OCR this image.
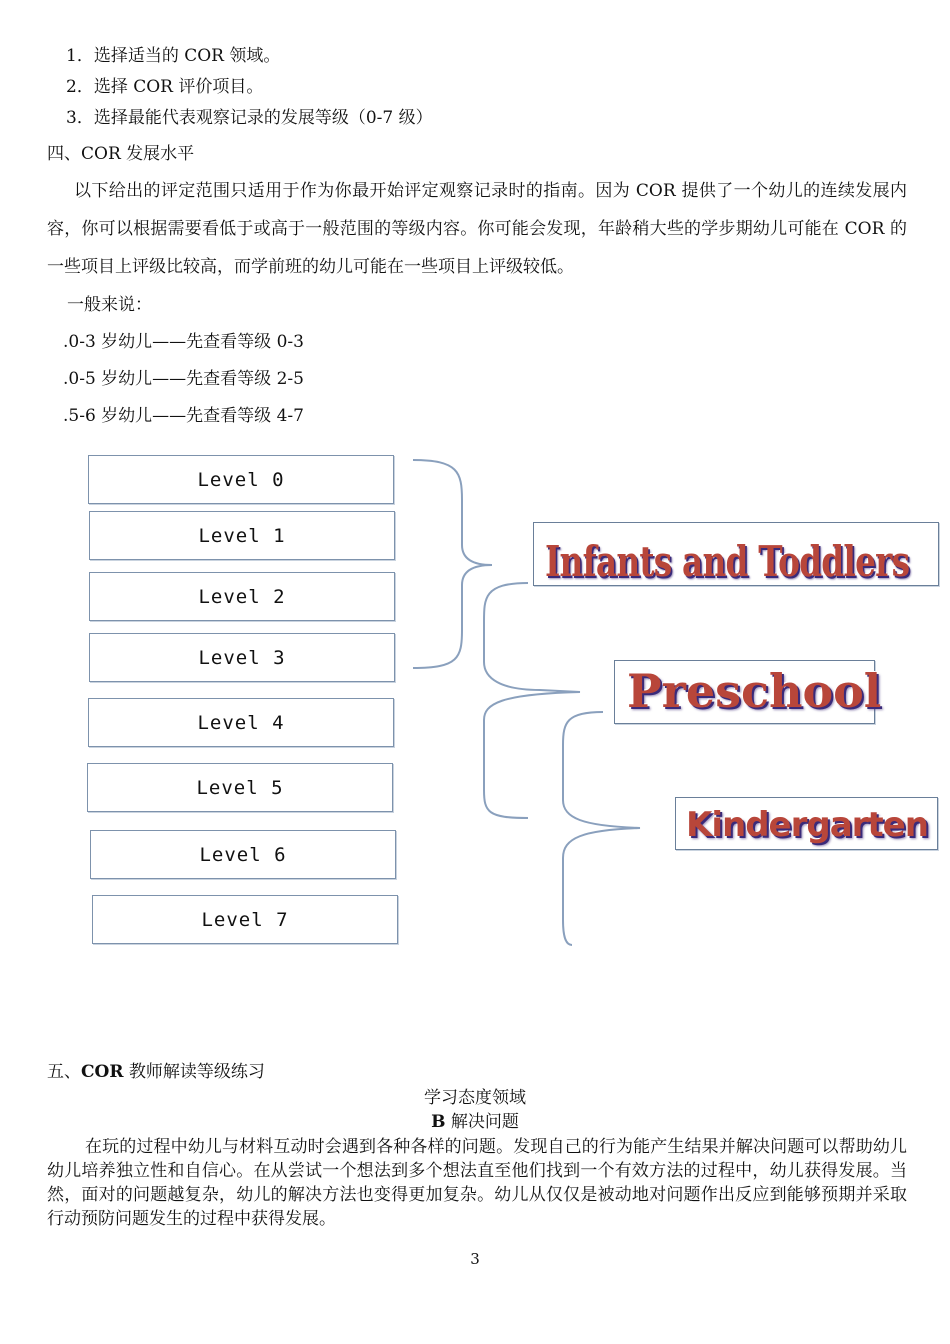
1．选择适当的 COR 领域。
2．选择 COR 评价项目。
3．选择最能代表观察记录的发展等级（0-7 级）
四、COR 发展水平
以下给出的评定范围只适用于作为你最开始评定观察记录时的指南。因为 COR 提供了一个幼儿的连续发展内容，你可以根据需要看低于或高于一般范围的等级内容。你可能会发现，年龄稍大些的学步期幼儿可能在 COR 的一些项目上评级比较高，而学前班的幼儿可能在一些项目上评级较低。
一般来说：
.0-3 岁幼儿——先查看等级 0-3
.0-5 岁幼儿——先查看等级 2-5
.5-6 岁幼儿——先查看等级 4-7
Level 0
Level 1
Level 2
Level 3
Level 4
Level 5
Level 6
Level 7
Infants and Toddlers
Preschool
Kindergarten
五、COR 教师解读等级练习
学习态度领域
B 解决问题
在玩的过程中幼儿与材料互动时会遇到各种各样的问题。发现自己的行为能产生结果并解决问题可以帮助幼儿幼儿培养独立性和自信心。在从尝试一个想法到多个想法直至他们找到一个有效方法的过程中，幼儿获得发展。当然，面对的问题越复杂，幼儿的解决方法也变得更加复杂。幼儿从仅仅是被动地对问题作出反应到能够预期并采取行动预防问题发生的过程中获得发展。
3
